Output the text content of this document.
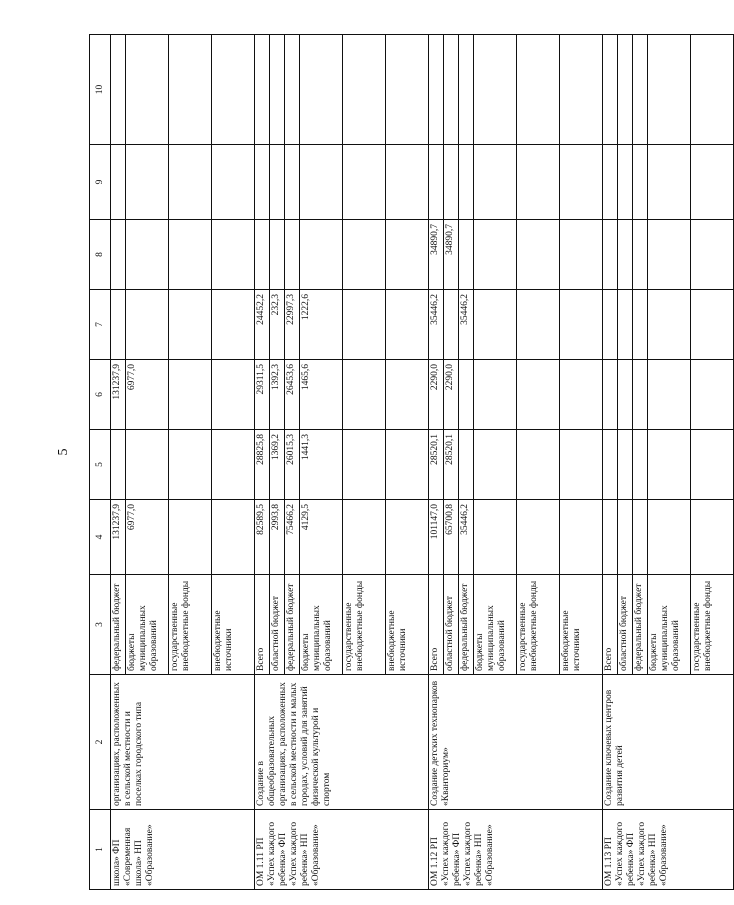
5
1	2	3	4	5	6	7	8	9	10
школа» ФП «Современная школа» НП «Образование»	организациях, расположенных в сельской местности и поселках городского типа	федеральный бюджет	131237,9		131237,9				
		бюджеты муниципальных образований	6977,0		6977,0				
		государственные внебюджетные фонды							
		внебюджетные источники							
ОМ 1.11 РП «Успех каждого ребенка» ФП «Успех каждого ребенка» НП «Образование»	Создание в общеобразовательных организациях, расположенных в сельской местности и малых городах, условий для занятий физической культурой и спортом	Всего	82589,5	28825,8	29311,5	24452,2			
		областной бюджет	2993,8	1369,2	1392,3	232,3			
		федеральный бюджет	75466,2	26015,3	26453,6	22997,3			
		бюджеты муниципальных образований	4129,5	1441,3	1465,6	1222,6			
		государственные внебюджетные фонды							
		внебюджетные источники							
ОМ 1.12 РП «Успех каждого ребенка» ФП «Успех каждого ребенка» НП «Образование»	Создание детских технопарков «Кванториум»	Всего	101147,0	28520,1	2290,0	35446,2	34890,7		
		областной бюджет	65700,8	28520,1	2290,0		34890,7		
		федеральный бюджет	35446,2			35446,2			
		бюджеты муниципальных образований							
		государственные внебюджетные фонды							
		внебюджетные источники							
ОМ 1.13 РП «Успех каждого ребенка» ФП «Успех каждого ребенка» НП «Образование»	Создание ключевых центров развития детей	Всего							
		областной бюджет							
		федеральный бюджет							
		бюджеты муниципальных образований							
		государственные внебюджетные фонды							
